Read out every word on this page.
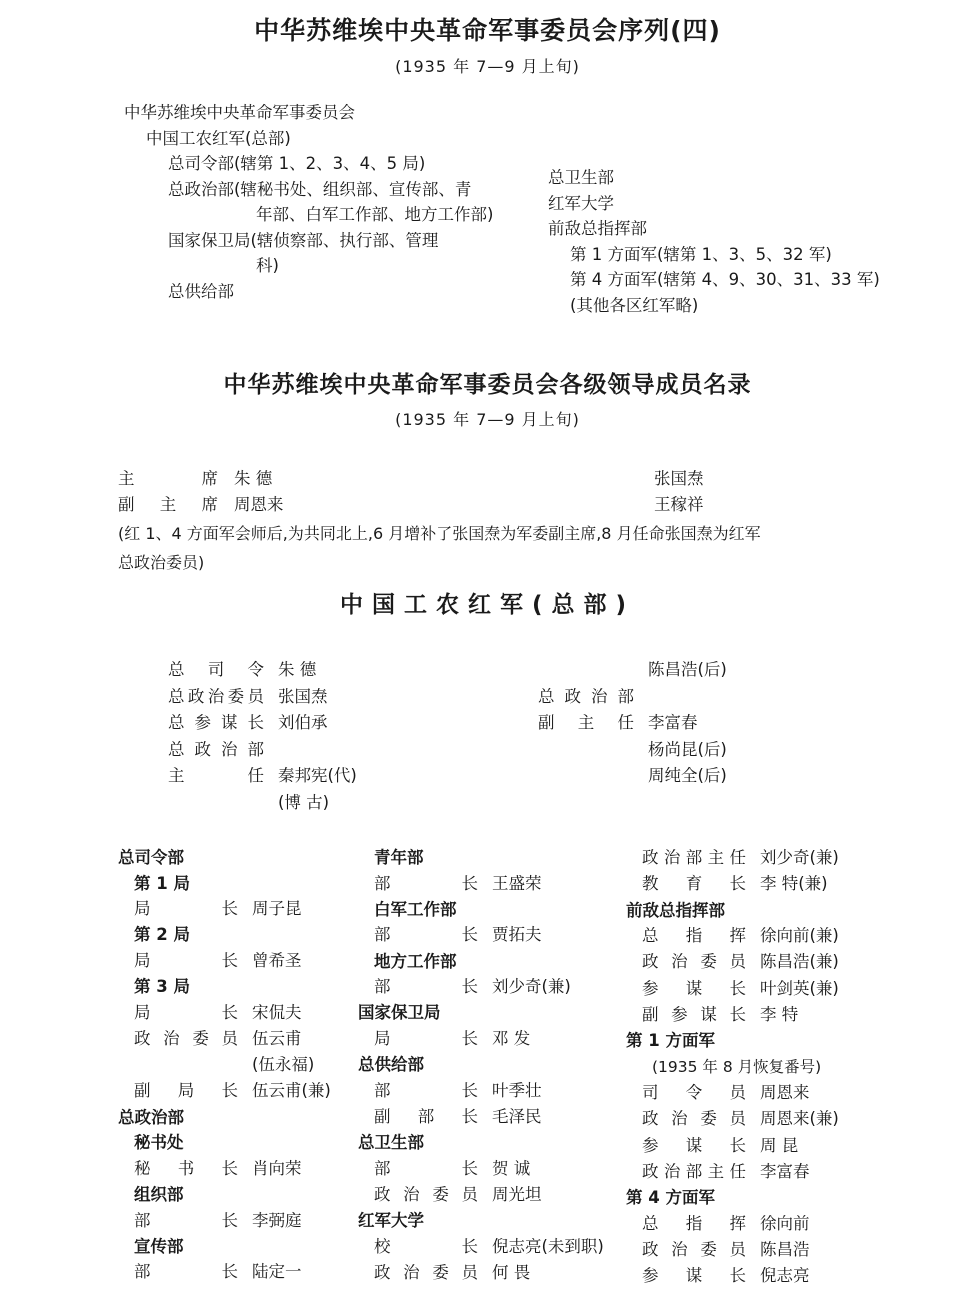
中华苏维埃中央革命军事委员会序列(四)
(1935 年 7—9 月上旬)
中华苏维埃中央革命军事委员会
中国工农红军(总部)
总司令部(辖第 1、2、3、4、5 局)
总政治部(辖秘书处、组织部、宣传部、青
年部、白军工作部、地方工作部)
国家保卫局(辖侦察部、执行部、管理
科)
总供给部
总卫生部
红军大学
前敌总指挥部
第 1 方面军(辖第 1、3、5、32 军)
第 4 方面军(辖第 4、9、30、31、33 军)
(其他各区红军略)
中华苏维埃中央革命军事委员会各级领导成员名录
(1935 年 7—9 月上旬)
主席 朱 德	张国焘
副主席 周恩来	王稼祥
(红 1、4 方面军会师后,为共同北上,6 月增补了张国焘为军委副主席,8 月任命张国焘为红军
总政治委员)
中国工农红军(总部)
总司令 朱 德
总政治委员 张国焘
总参谋长 刘伯承
总政治部
主任 秦邦宪(代)
(博 古)
陈昌浩(后)
总政治部
副主任 李富春
杨尚昆(后)
周纯全(后)
总司令部
第 1 局
局长 周子昆
第 2 局
局长 曾希圣
第 3 局
局长 宋侃夫
政治委员 伍云甫
(伍永福)
副局长 伍云甫(兼)
总政治部
秘书处
秘书长 肖向荣
组织部
部长 李弼庭
宣传部
部长 陆定一
青年部
部长 王盛荣
白军工作部
部长 贾拓夫
地方工作部
部长 刘少奇(兼)
国家保卫局
局长 邓 发
总供给部
部长 叶季壮
副部长 毛泽民
总卫生部
部长 贺 诚
政治委员 周光坦
红军大学
校长 倪志亮(未到职)
政治委员 何 畏
政治部主任 刘少奇(兼)
教育长 李 特(兼)
前敌总指挥部
总指挥 徐向前(兼)
政治委员 陈昌浩(兼)
参谋长 叶剑英(兼)
副参谋长 李 特
第 1 方面军
(1935 年 8 月恢复番号)
司令员 周恩来
政治委员 周恩来(兼)
参谋长 周 昆
政治部主任 李富春
第 4 方面军
总指挥 徐向前
政治委员 陈昌浩
参谋长 倪志亮
